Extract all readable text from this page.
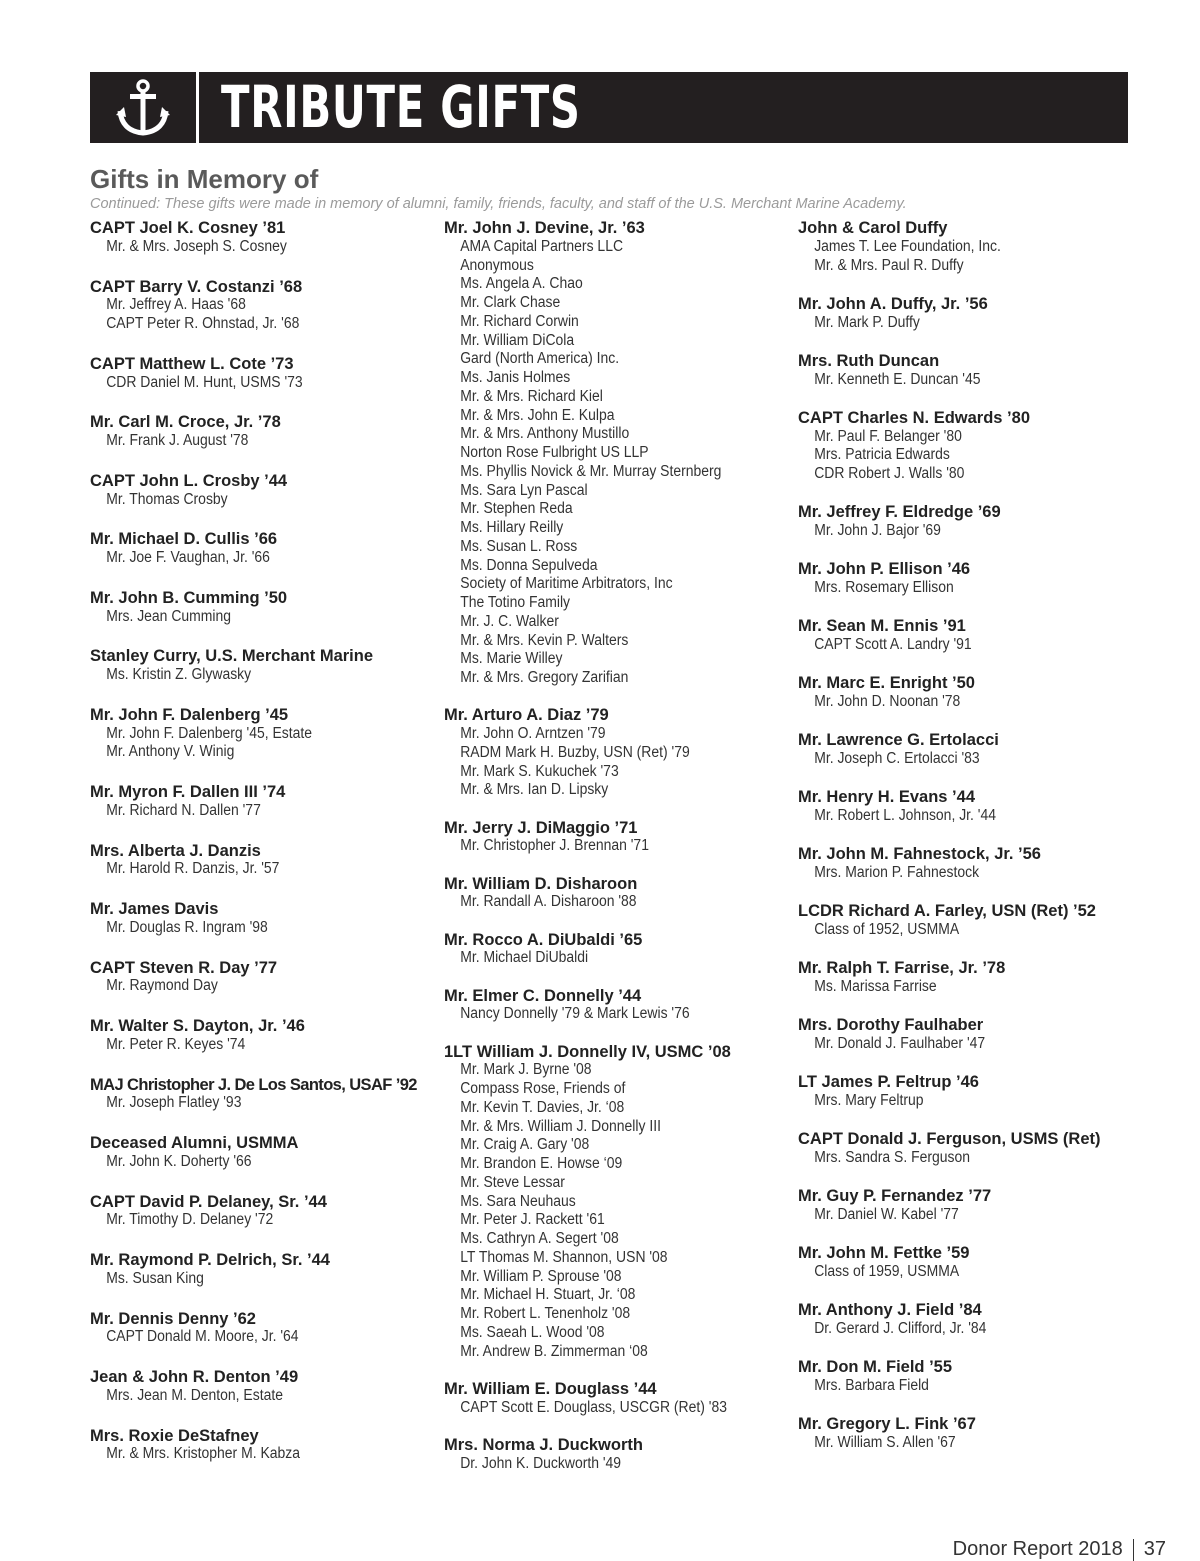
TRIBUTE GIFTS
Gifts in Memory of
Continued: These gifts were made in memory of alumni, family, friends, faculty, and staff of the U.S. Merchant Marine Academy.
CAPT Joel K. Cosney ’81
Mr. & Mrs. Joseph S. Cosney
CAPT Barry V. Costanzi ’68
Mr. Jeffrey A. Haas '68
CAPT Peter R. Ohnstad, Jr. '68
CAPT Matthew L. Cote ’73
CDR Daniel M. Hunt, USMS '73
Mr. Carl M. Croce, Jr. ’78
Mr. Frank J. August '78
CAPT John L. Crosby ’44
Mr. Thomas Crosby
Mr. Michael D. Cullis ’66
Mr. Joe F. Vaughan, Jr. '66
Mr. John B. Cumming ’50
Mrs. Jean Cumming
Stanley Curry, U.S. Merchant Marine
Ms. Kristin Z. Glywasky
Mr. John F. Dalenberg ’45
Mr. John F. Dalenberg '45, Estate
Mr. Anthony V. Winig
Mr. Myron F. Dallen III ’74
Mr. Richard N. Dallen '77
Mrs. Alberta J. Danzis
Mr. Harold R. Danzis, Jr. '57
Mr. James Davis
Mr. Douglas R. Ingram '98
CAPT Steven R. Day ’77
Mr. Raymond Day
Mr. Walter S. Dayton, Jr. ’46
Mr. Peter R. Keyes '74
MAJ Christopher J. De Los Santos, USAF ’92
Mr. Joseph Flatley '93
Deceased Alumni, USMMA
Mr. John K. Doherty '66
CAPT David P. Delaney, Sr. ’44
Mr. Timothy D. Delaney '72
Mr. Raymond P. Delrich, Sr. ’44
Ms. Susan King
Mr. Dennis Denny ’62
CAPT Donald M. Moore, Jr. '64
Jean & John R. Denton ’49
Mrs. Jean M. Denton, Estate
Mrs. Roxie DeStafney
Mr. & Mrs. Kristopher M. Kabza
Mr. John J. Devine, Jr. ’63
AMA Capital Partners LLC
Anonymous
Ms. Angela A. Chao
Mr. Clark Chase
Mr. Richard Corwin
Mr. William DiCola
Gard (North America) Inc.
Ms. Janis Holmes
Mr. & Mrs. Richard Kiel
Mr. & Mrs. John E. Kulpa
Mr. & Mrs. Anthony Mustillo
Norton Rose Fulbright US LLP
Ms. Phyllis Novick & Mr. Murray Sternberg
Ms. Sara Lyn Pascal
Mr. Stephen Reda
Ms. Hillary Reilly
Ms. Susan L. Ross
Ms. Donna Sepulveda
Society of Maritime Arbitrators, Inc
The Totino Family
Mr. J. C. Walker
Mr. & Mrs. Kevin P. Walters
Ms. Marie Willey
Mr. & Mrs. Gregory Zarifian
Mr. Arturo A. Diaz ’79
Mr. John O. Arntzen '79
RADM Mark H. Buzby, USN (Ret) '79
Mr. Mark S. Kukuchek '73
Mr. & Mrs. Ian D. Lipsky
Mr. Jerry J. DiMaggio ’71
Mr. Christopher J. Brennan '71
Mr. William D. Disharoon
Mr. Randall A. Disharoon '88
Mr. Rocco A. DiUbaldi ’65
Mr. Michael DiUbaldi
Mr. Elmer C. Donnelly ’44
Nancy Donnelly '79 & Mark Lewis '76
1LT William J. Donnelly IV, USMC ’08
Mr. Mark J. Byrne '08
Compass Rose, Friends of
Mr. Kevin T. Davies, Jr. ‘08
Mr. & Mrs. William J. Donnelly III
Mr. Craig A. Gary '08
Mr. Brandon E. Howse ‘09
Mr. Steve Lessar
Ms. Sara Neuhaus
Mr. Peter J. Rackett '61
Ms. Cathryn A. Segert '08
LT Thomas M. Shannon, USN '08
Mr. William P. Sprouse '08
Mr. Michael H. Stuart, Jr. ‘08
Mr. Robert L. Tenenholz '08
Ms. Saeah L. Wood '08
Mr. Andrew B. Zimmerman ‘08
Mr. William E. Douglass ’44
CAPT Scott E. Douglass, USCGR (Ret) '83
Mrs. Norma J. Duckworth
Dr. John K. Duckworth '49
John & Carol Duffy
James T. Lee Foundation, Inc.
Mr. & Mrs. Paul R. Duffy
Mr. John A. Duffy, Jr. ’56
Mr. Mark P. Duffy
Mrs. Ruth Duncan
Mr. Kenneth E. Duncan '45
CAPT Charles N. Edwards ’80
Mr. Paul F. Belanger '80
Mrs. Patricia Edwards
CDR Robert J. Walls '80
Mr. Jeffrey F. Eldredge ’69
Mr. John J. Bajor '69
Mr. John P. Ellison ’46
Mrs. Rosemary Ellison
Mr. Sean M. Ennis ’91
CAPT Scott A. Landry '91
Mr. Marc E. Enright ’50
Mr. John D. Noonan '78
Mr. Lawrence G. Ertolacci
Mr. Joseph C. Ertolacci '83
Mr. Henry H. Evans ’44
Mr. Robert L. Johnson, Jr. '44
Mr. John M. Fahnestock, Jr. ’56
Mrs. Marion P. Fahnestock
LCDR Richard A. Farley, USN (Ret) ’52
Class of 1952, USMMA
Mr. Ralph T. Farrise, Jr. ’78
Ms. Marissa Farrise
Mrs. Dorothy Faulhaber
Mr. Donald J. Faulhaber '47
LT James P. Feltrup ’46
Mrs. Mary Feltrup
CAPT Donald J. Ferguson, USMS (Ret)
Mrs. Sandra S. Ferguson
Mr. Guy P. Fernandez ’77
Mr. Daniel W. Kabel '77
Mr. John M. Fettke ’59
Class of 1959, USMMA
Mr. Anthony J. Field ’84
Dr. Gerard J. Clifford, Jr. '84
Mr. Don M. Field ’55
Mrs. Barbara Field
Mr. Gregory L. Fink ’67
Mr. William S. Allen '67
Donor Report 2018 37
